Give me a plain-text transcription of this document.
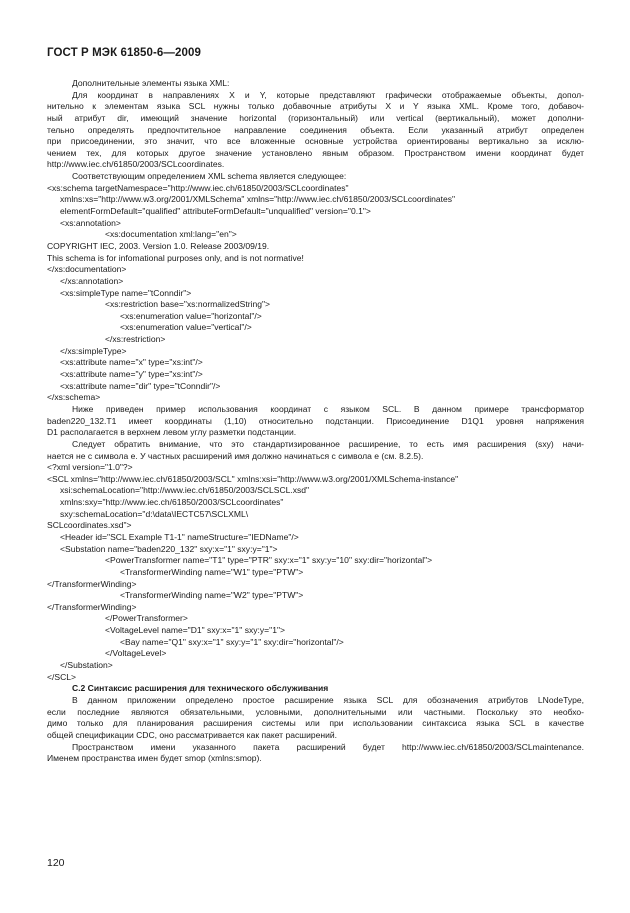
ГОСТ Р МЭК 61850-6—2009
Дополнительные элементы языка XML:
Для координат в направлениях X и Y, которые представляют графически отображаемые объекты, допол-
нительно к элементам языка SCL нужны только добавочные атрибуты X и Y языка XML. Кроме того, добавоч-
ный атрибут dir, имеющий значение horizontal (горизонтальный) или vertical (вертикальный), может дополни-
тельно определять предпочтительное направление соединения объекта. Если указанный атрибут определен
при присоединении, это значит, что все вложенные основные устройства ориентированы вертикально за исклю-
чением тех, для которых другое значение установлено явным образом. Пространством имени координат будет
http://www.iec.ch/61850/2003/SCLcoordinates.
Соответствующим определением XML schema является следующее:
<xs:schema targetNamespace="http://www.iec.ch/61850/2003/SCLcoordinates"
xmlns:xs="http://www.w3.org/2001/XMLSchema" xmlns="http://www.iec.ch/61850/2003/SCLcoordinates"
elementFormDefault="qualified" attributeFormDefault="unqualified" version="0.1">
<xs:annotation>
<xs:documentation xml:lang="en">
COPYRIGHT IEC, 2003. Version 1.0. Release 2003/09/19.
This schema is for infomational purposes only, and is not normative!
</xs:documentation>
</xs:annotation>
<xs:simpleType name="tConndir">
<xs:restriction base="xs:normalizedString">
<xs:enumeration value="horizontal"/>
<xs:enumeration value="vertical"/>
</xs:restriction>
</xs:simpleType>
<xs:attribute name="x" type="xs:int"/>
<xs:attribute name="y" type="xs:int"/>
<xs:attribute name="dir" type="tConndir"/>
</xs:schema>
Ниже приведен пример использования координат с языком SCL. В данном примере трансформатор
baden220_132.T1 имеет координаты (1,10) относительно подстанции. Присоединение D1Q1 уровня напряжения
D1 располагается в верхнем левом углу разметки подстанции.
Следует обратить внимание, что это стандартизированное расширение, то есть имя расширения (sxy) начи-
нается не с символа е. У частных расширений имя должно начинаться с символа е (см. 8.2.5).
<?xml version="1.0"?>
<SCL xmlns="http://www.iec.ch/61850/2003/SCL" xmlns:xsi="http://www.w3.org/2001/XMLSchema-instance"
xsi:schemaLocation="http://www.iec.ch/61850/2003/SCLSCL.xsd"
xmlns:sxy="http://www.iec.ch/61850/2003/SCLcoordinates"
sxy:schemaLocation="d:\data\IECTC57\SCLXML\
SCLcoordinates.xsd">
<Header id="SCL Example T1-1" nameStructure="IEDName"/>
<Substation name="baden220_132" sxy:x="1" sxy:y="1">
<PowerTransformer name="T1" type="PTR" sxy:x="1" sxy:y="10" sxy:dir="horizontal">
<TransformerWinding name="W1" type="PTW">
</TransformerWinding>
<TransformerWinding name="W2" type="PTW">
</TransformerWinding>
</PowerTransformer>
<VoltageLevel name="D1" sxy:x="1" sxy:y="1">
<Bay name="Q1" sxy:x="1" sxy:y="1" sxy:dir="horizontal"/>
</VoltageLevel>
</Substation>
</SCL>
C.2 Синтаксис расширения для технического обслуживания
В данном приложении определено простое расширение языка SCL для обозначения атрибутов LNodeType,
если последние являются обязательными, условными, дополнительными или частными. Поскольку это необхо-
димо только для планирования расширения системы или при использовании синтаксиса языка SCL в качестве
общей спецификации CDC, оно рассматривается как пакет расширений.
Пространством имени указанного пакета расширений будет http://www.iec.ch/61850/2003/SCLmaintenance.
Именем пространства имен будет smop (xmlns:smop).
120
